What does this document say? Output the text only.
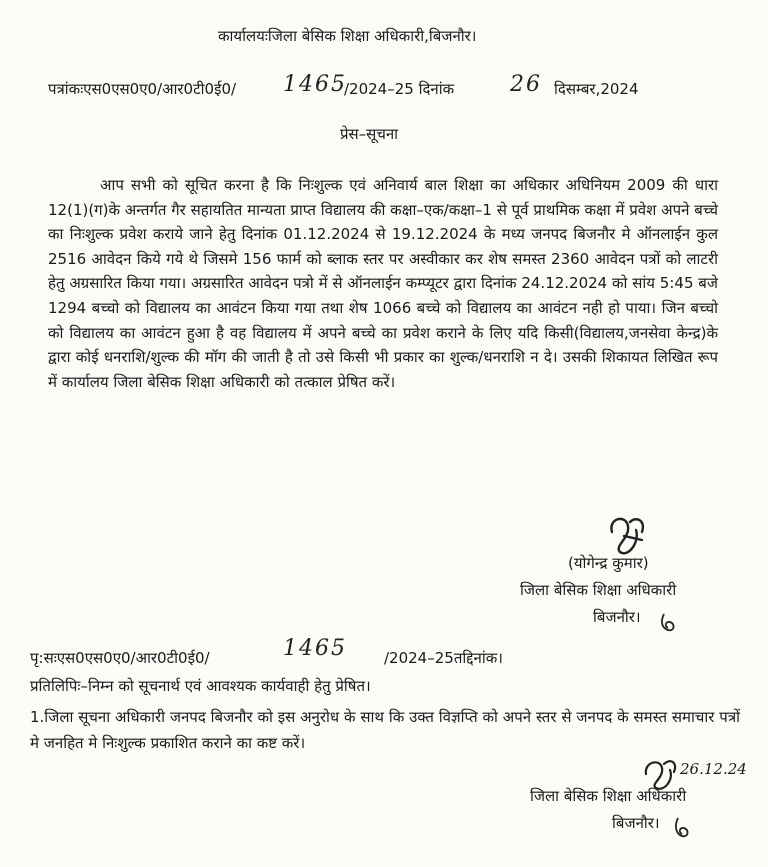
कार्यालयःजिला बेसिक शिक्षा अधिकारी,बिजनौर।
पत्रांकःएस0एस0ए0/आर0टी0ई0/ 1465
/2024–25 दिनांक	26 दिसम्बर,2024
प्रेस–सूचना
आप सभी को सूचित करना है कि निःशुल्क एवं अनिवार्य बाल शिक्षा का अधिकार अधिनियम 2009 की धारा 12(1)(ग)के अन्तर्गत गैर सहायतित मान्यता प्राप्त विद्यालय की कक्षा–एक/कक्षा–1 से पूर्व प्राथमिक कक्षा में प्रवेश अपने बच्चे का निःशुल्क प्रवेश कराये जाने हेतु दिनांक 01.12.2024 से 19.12.2024 के मध्य जनपद बिजनौर मे ऑनलाईन कुल 2516 आवेदन किये गये थे जिसमे 156 फार्म को ब्लाक स्तर पर अस्वीकार कर शेष समस्त 2360 आवेदन पत्रों को लाटरी हेतु अग्रसारित किया गया। अग्रसारित आवेदन पत्रो में से ऑनलाईन कम्प्यूटर द्वारा दिनांक 24.12.2024 को सांय 5:45 बजे 1294 बच्चो को विद्यालय का आवंटन किया गया तथा शेष 1066 बच्चे को विद्यालय का आवंटन नही हो पाया। जिन बच्चो को विद्यालय का आवंटन हुआ है वह विद्यालय में अपने बच्चे का प्रवेश कराने के लिए यदि किसी(विद्यालय,जनसेवा केन्द्र)के द्वारा कोई धनराशि/शुल्क की मॉग की जाती है तो उसे किसी भी प्रकार का शुल्क/धनराशि न दे। उसकी शिकायत लिखित रूप में कार्यालय जिला बेसिक शिक्षा अधिकारी को तत्काल प्रेषित करें।
(योगेन्द्र कुमार)
जिला बेसिक शिक्षा अधिकारी
बिजनौर।
पृ:सःएस0एस0ए0/आर0टी0ई0/	1465 /2024–25तद्दिनांक।
प्रतिलिपिः–निम्न को सूचनार्थ एवं आवश्यक कार्यवाही हेतु प्रेषित।
1.जिला सूचना अधिकारी जनपद बिजनौर को इस अनुरोध के साथ कि उक्त विज्ञप्ति को अपने स्तर से जनपद के समस्त समाचार पत्रों मे जनहित मे निःशुल्क प्रकाशित कराने का कष्ट करें।
26.12.24
जिला बेसिक शिक्षा अधिकारी
बिजनौर।
